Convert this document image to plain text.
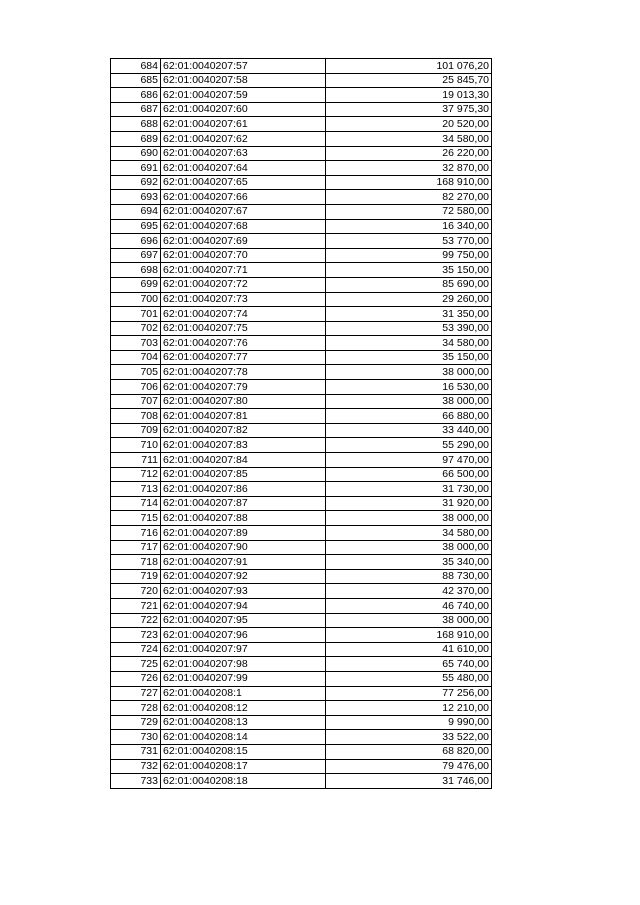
684	62:01:0040207:57	101 076,20
685	62:01:0040207:58	25 845,70
686	62:01:0040207:59	19 013,30
687	62:01:0040207:60	37 975,30
688	62:01:0040207:61	20 520,00
689	62:01:0040207:62	34 580,00
690	62:01:0040207:63	26 220,00
691	62:01:0040207:64	32 870,00
692	62:01:0040207:65	168 910,00
693	62:01:0040207:66	82 270,00
694	62:01:0040207:67	72 580,00
695	62:01:0040207:68	16 340,00
696	62:01:0040207:69	53 770,00
697	62:01:0040207:70	99 750,00
698	62:01:0040207:71	35 150,00
699	62:01:0040207:72	85 690,00
700	62:01:0040207:73	29 260,00
701	62:01:0040207:74	31 350,00
702	62:01:0040207:75	53 390,00
703	62:01:0040207:76	34 580,00
704	62:01:0040207:77	35 150,00
705	62:01:0040207:78	38 000,00
706	62:01:0040207:79	16 530,00
707	62:01:0040207:80	38 000,00
708	62:01:0040207:81	66 880,00
709	62:01:0040207:82	33 440,00
710	62:01:0040207:83	55 290,00
711	62:01:0040207:84	97 470,00
712	62:01:0040207:85	66 500,00
713	62:01:0040207:86	31 730,00
714	62:01:0040207:87	31 920,00
715	62:01:0040207:88	38 000,00
716	62:01:0040207:89	34 580,00
717	62:01:0040207:90	38 000,00
718	62:01:0040207:91	35 340,00
719	62:01:0040207:92	88 730,00
720	62:01:0040207:93	42 370,00
721	62:01:0040207:94	46 740,00
722	62:01:0040207:95	38 000,00
723	62:01:0040207:96	168 910,00
724	62:01:0040207:97	41 610,00
725	62:01:0040207:98	65 740,00
726	62:01:0040207:99	55 480,00
727	62:01:0040208:1	77 256,00
728	62:01:0040208:12	12 210,00
729	62:01:0040208:13	9 990,00
730	62:01:0040208:14	33 522,00
731	62:01:0040208:15	68 820,00
732	62:01:0040208:17	79 476,00
733	62:01:0040208:18	31 746,00
